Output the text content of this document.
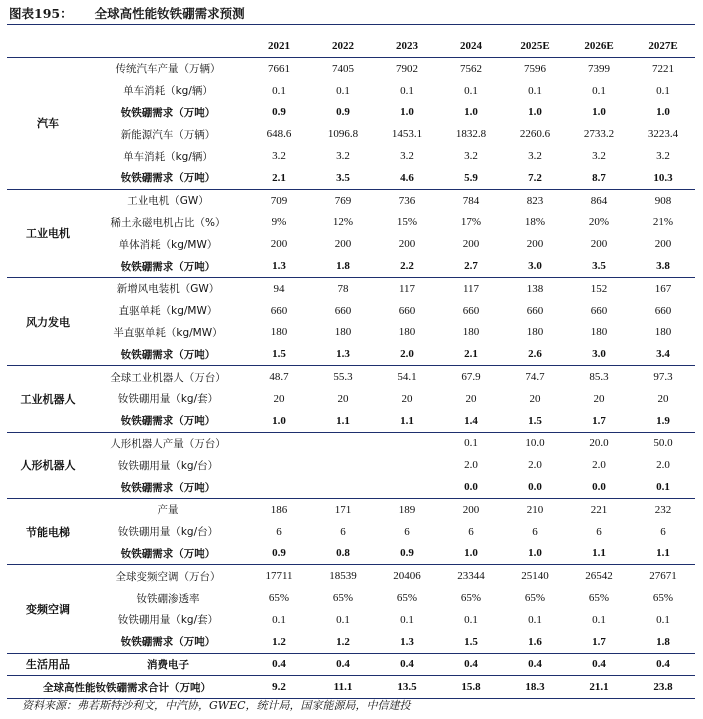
图表195： 全球高性能钕铁硼需求预测
		2021	2022	2023	2024	2025E	2026E	2027E
汽车	传统汽车产量（万辆）	7661	7405	7902	7562	7596	7399	7221
	单车消耗（kg/辆）	0.1	0.1	0.1	0.1	0.1	0.1	0.1
	钕铁硼需求（万吨）	0.9	0.9	1.0	1.0	1.0	1.0	1.0
	新能源汽车（万辆）	648.6	1096.8	1453.1	1832.8	2260.6	2733.2	3223.4
	单车消耗（kg/辆）	3.2	3.2	3.2	3.2	3.2	3.2	3.2
	钕铁硼需求（万吨）	2.1	3.5	4.6	5.9	7.2	8.7	10.3
工业电机	工业电机（GW）	709	769	736	784	823	864	908
	稀土永磁电机占比（%）	9%	12%	15%	17%	18%	20%	21%
	单体消耗（kg/MW）	200	200	200	200	200	200	200
	钕铁硼需求（万吨）	1.3	1.8	2.2	2.7	3.0	3.5	3.8
风力发电	新增风电装机（GW）	94	78	117	117	138	152	167
	直驱单耗（kg/MW）	660	660	660	660	660	660	660
	半直驱单耗（kg/MW）	180	180	180	180	180	180	180
	钕铁硼需求（万吨）	1.5	1.3	2.0	2.1	2.6	3.0	3.4
工业机器人	全球工业机器人（万台）	48.7	55.3	54.1	67.9	74.7	85.3	97.3
	钕铁硼用量（kg/套）	20	20	20	20	20	20	20
	钕铁硼需求（万吨）	1.0	1.1	1.1	1.4	1.5	1.7	1.9
人形机器人	人形机器人产量（万台）				0.1	10.0	20.0	50.0
	钕铁硼用量（kg/台）				2.0	2.0	2.0	2.0
	钕铁硼需求（万吨）				0.0	0.0	0.0	0.1
节能电梯	产量	186	171	189	200	210	221	232
	钕铁硼用量（kg/台）	6	6	6	6	6	6	6
	钕铁硼需求（万吨）	0.9	0.8	0.9	1.0	1.0	1.1	1.1
变频空调	全球变频空调（万台）	17711	18539	20406	23344	25140	26542	27671
	钕铁硼渗透率	65%	65%	65%	65%	65%	65%	65%
	钕铁硼用量（kg/套）	0.1	0.1	0.1	0.1	0.1	0.1	0.1
	钕铁硼需求（万吨）	1.2	1.2	1.3	1.5	1.6	1.7	1.8
生活用品	消费电子	0.4	0.4	0.4	0.4	0.4	0.4	0.4
全球高性能钕铁硼需求合计（万吨）		9.2	11.1	13.5	15.8	18.3	21.1	23.8
资料来源：弗若斯特沙利文，中汽协，GWEC，统计局，国家能源局，中信建投
